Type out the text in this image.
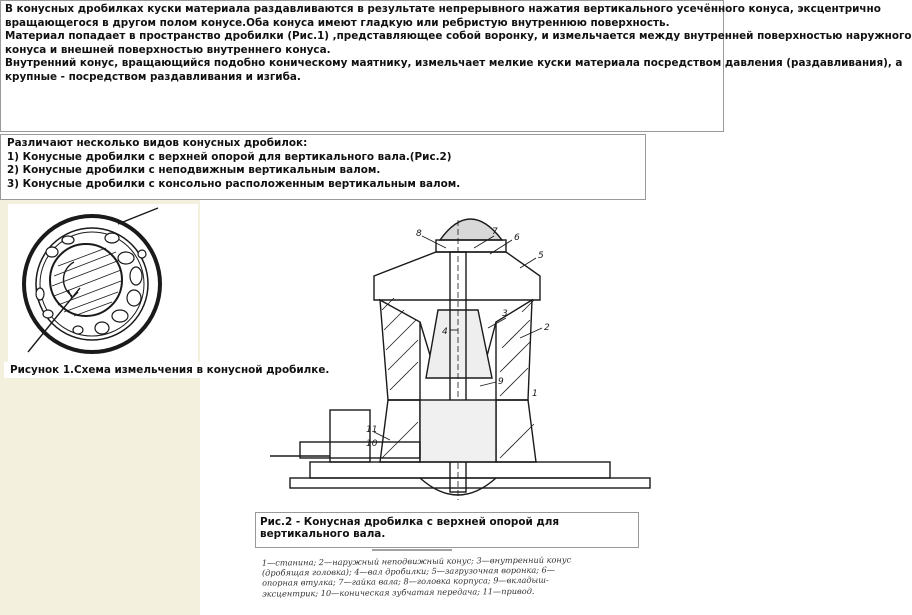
В конусных дробилках куски материала раздавливаются в результате непрерывного нажатия вертикального усечённого конуса, эксцентрично
вращающегося в другом полом конусе.Оба конуса имеют гладкую или ребристую внутреннюю поверхность.
Материал попадает в пространство дробилки (Рис.1) ,представляющее собой воронку, и измельчается между внутренней поверхностью наружного
конуса и внешней поверхностью внутреннего конуса.
Внутренний конус, вращающийся подобно коническому маятнику, измельчает мелкие куски материала посредством давления (раздавливания), а
крупные - посредством раздавливания и изгиба.
Различают несколько видов конусных дробилок:
1) Конусные дробилки с верхней опорой для вертикального вала.(Рис.2)
2) Конусные дробилки с неподвижным вертикальным валом.
3) Конусные дробилки с консольно расположенным вертикальным валом.
Рисунок 1.Схема измельчения в конусной дробилке.
8	7
6
5
2
3
4
9
11
10
1
Рис.2 - Конусная дробилка с верхней опорой для вертикального вала.
1—станина; 2—наружный неподвижный конус; 3—внутренний конус
(дробящая головка); 4—вал дробилки; 5—загрузочная воронка; 6—
опорная втулка; 7—гайка вала; 8—головка корпуса; 9—вкладыш-
эксцентрик; 10—коническая зубчатая передача; 11—привод.
